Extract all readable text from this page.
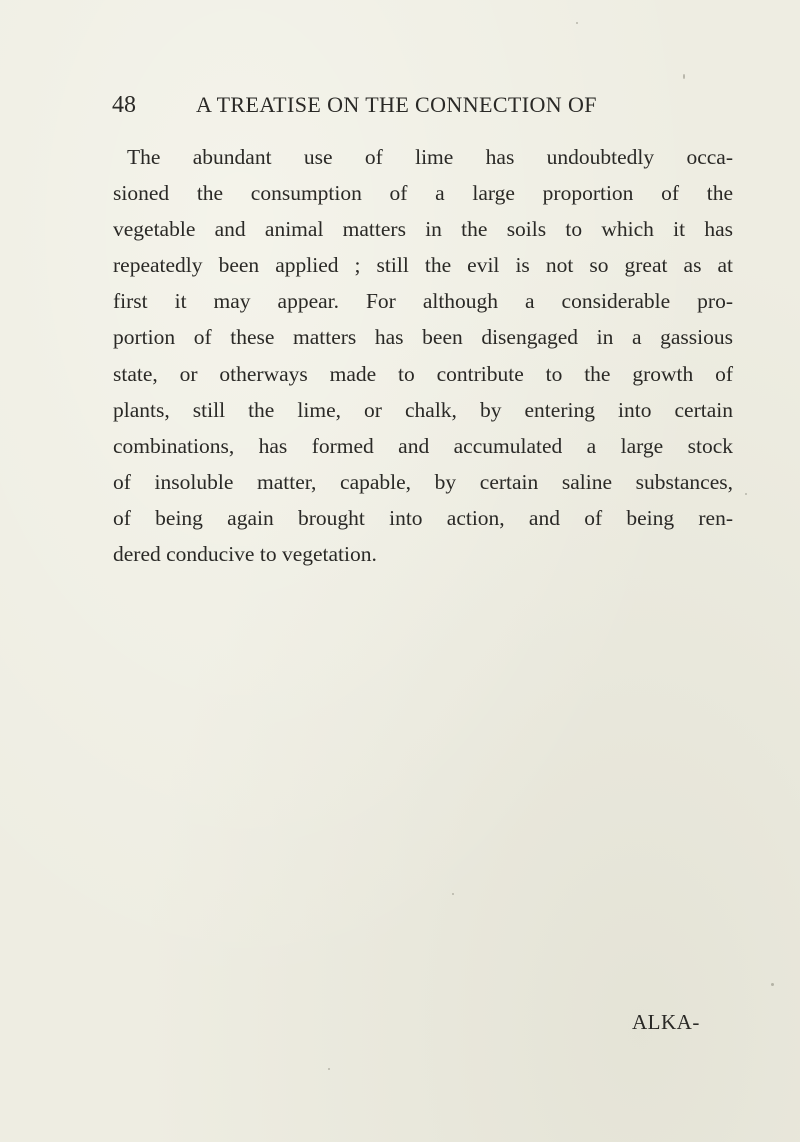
48	A TREATISE ON THE CONNECTION OF
The abundant use of lime has undoubtedly occa-
sioned the consumption of a large proportion of the
vegetable and animal matters in the soils to which it has
repeatedly been applied ; still the evil is not so great as at
first it may appear. For although a considerable pro-
portion of these matters has been disengaged in a gassious
state, or otherways made to contribute to the growth of
plants, still the lime, or chalk, by entering into certain
combinations, has formed and accumulated a large stock
of insoluble matter, capable, by certain saline substances,
of being again brought into action, and of being ren-
dered conducive to vegetation.
ALKA-
